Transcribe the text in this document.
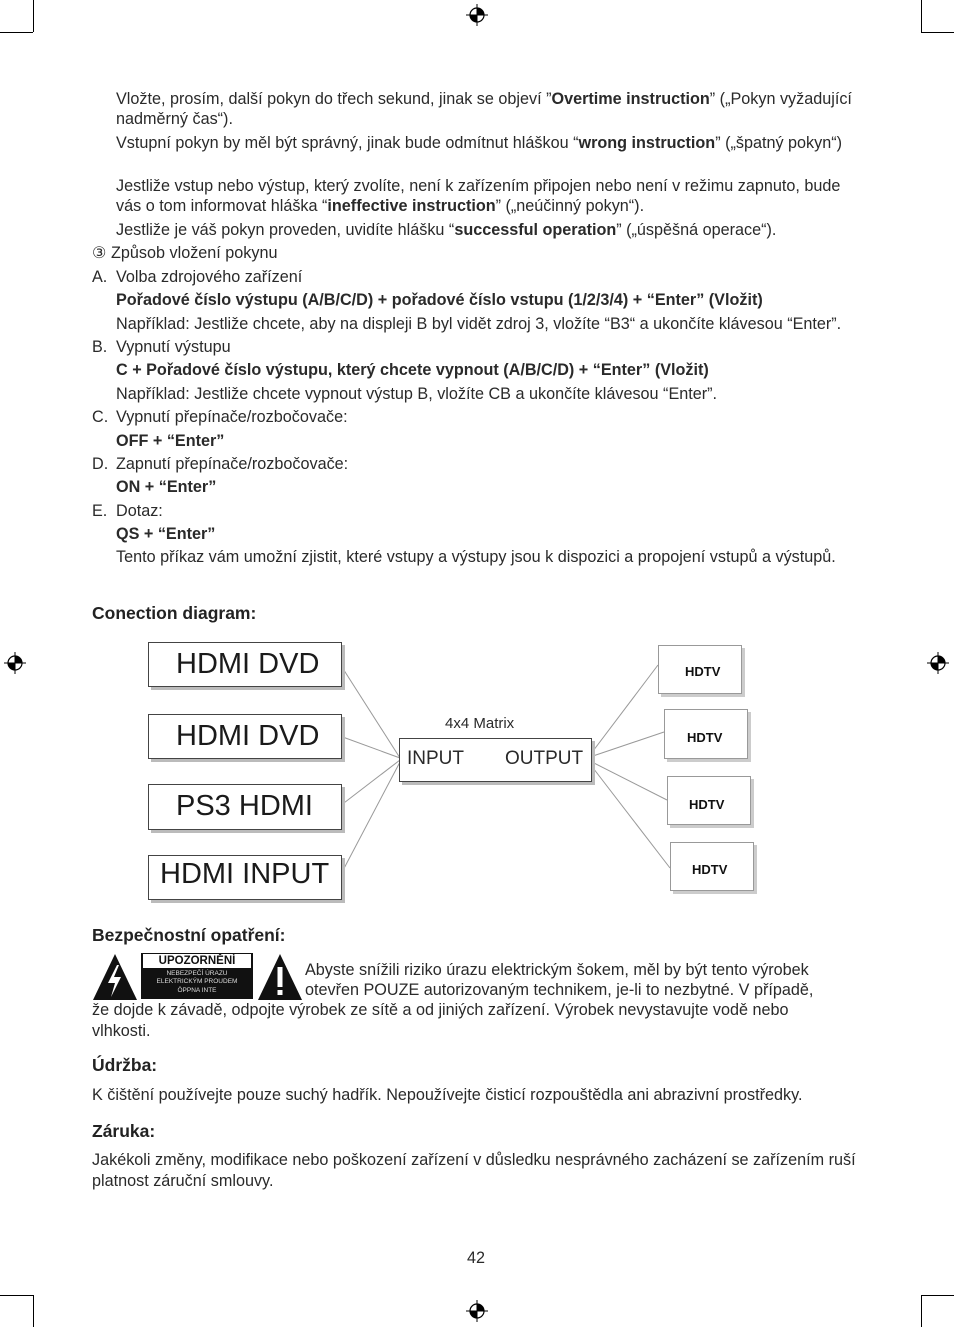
Vložte, prosím, další pokyn do třech sekund, jinak se objeví ”Overtime instruction” („Pokyn vyžadující nadměrný čas“).
Vstupní pokyn by měl být správný, jinak bude odmítnut hláškou “wrong instruction” („špatný pokyn“)
Jestliže vstup nebo výstup, který zvolíte, není k zařízením připojen nebo není v režimu zapnuto, bude vás o tom informovat hláška “ineffective instruction” („neúčinný pokyn“).
Jestliže je váš pokyn proveden, uvidíte hlášku “successful operation” („úspěšná operace“).
③ Způsob vložení pokynu
A. Volba zdrojového zařízení
Pořadové číslo výstupu (A/B/C/D) + pořadové číslo vstupu (1/2/3/4) + “Enter” (Vložit)
Například: Jestliže chcete, aby na displeji B byl vidět zdroj 3, vložíte “B3“ a ukončíte klávesou “Enter”.
B. Vypnutí výstupu
C + Pořadové číslo výstupu, který chcete vypnout (A/B/C/D) + “Enter” (Vložit)
Například: Jestliže chcete vypnout výstup B, vložíte CB a ukončíte klávesou “Enter”.
C. Vypnutí přepínače/rozbočovače:
OFF + “Enter”
D. Zapnutí přepínače/rozbočovače:
ON + “Enter”
E. Dotaz:
QS + “Enter”
Tento příkaz vám umožní zjistit, které vstupy a výstupy jsou k dispozici a propojení vstupů a výstupů.
Conection diagram:
HDMI DVD
HDMI DVD
PS3 HDMI
HDMI INPUT
4x4 Matrix
INPUT OUTPUT
HDTV
HDTV
HDTV
HDTV
Bezpečnostní opatření:
UPOZORNĚNÍ
NEBEZPEČÍ ÚRAZU
ELEKTRICKÝM PROUDEM
ÖPPNA INTE
Abyste snížili riziko úrazu elektrickým šokem, měl by být tento výrobek
otevřen POUZE autorizovaným technikem, je-li to nezbytné. V případě,
že dojde k závadě, odpojte výrobek ze sítě a od jiniých zařízení. Výrobek nevystavujte vodě nebo vlhkosti.
Údržba:
K čištění používejte pouze suchý hadřík. Nepoužívejte čisticí rozpouštědla ani abrazivní prostředky.
Záruka:
Jakékoli změny, modifikace nebo poškození zařízení v důsledku nesprávného zacházení se zařízením ruší platnost záruční smlouvy.
42
